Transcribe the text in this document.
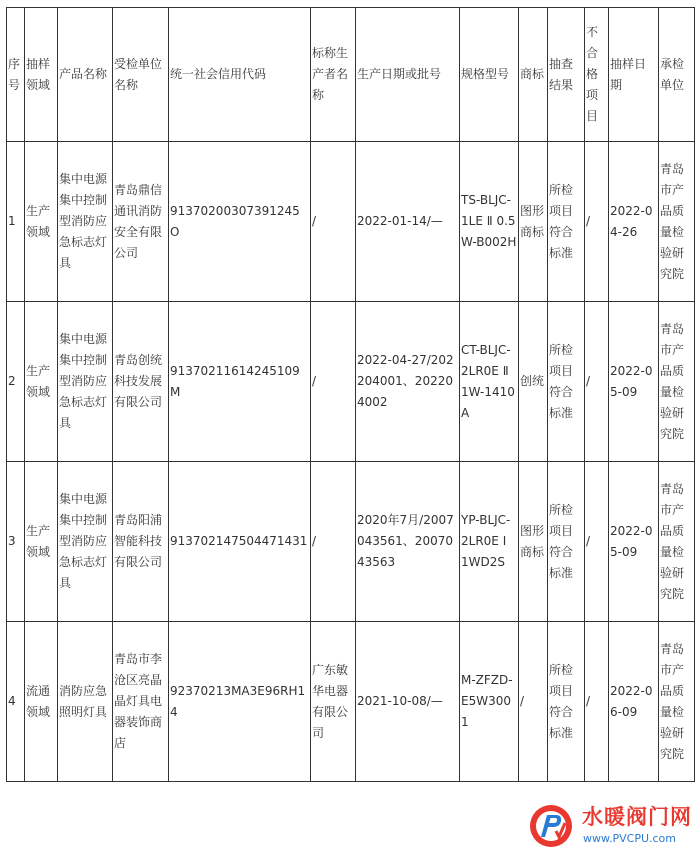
序号	抽样领域	产品名称	受检单位名称	统一社会信用代码	标称生产者名称	生产日期或批号	规格型号	商标	抽查结果	不合格项目	抽样日期	承检单位
1	生产领域	集中电源集中控制型消防应急标志灯具	青岛鼎信通讯消防安全有限公司	91370200307391245O	/	2022-01-14/—	TS-BLJC-1LE Ⅱ 0.5W-B002H	图形商标	所检项目符合标准	/	2022-04-26	青岛市产品质量检验研究院
2	生产领域	集中电源集中控制型消防应急标志灯具	青岛创统科技发展有限公司	91370211614245109M	/	2022-04-27/202204001、202204002	CT-BLJC-2LR0E Ⅱ 1W-1410A	创统	所检项目符合标准	/	2022-05-09	青岛市产品质量检验研究院
3	生产领域	集中电源集中控制型消防应急标志灯具	青岛阳浦智能科技有限公司	913702147504471431	/	2020年7月/2007043561、2007043563	YP-BLJC-2LR0E Ⅰ 1WD2S	图形商标	所检项目符合标准	/	2022-05-09	青岛市产品质量检验研究院
4	流通领域	消防应急照明灯具	青岛市李沧区亮晶晶灯具电器装饰商店	92370213MA3E96RH14	广东敏华电器有限公司	2021-10-08/—	M-ZFZD-E5W3001	/	所检项目符合标准	/	2022-06-09	青岛市产品质量检验研究院
水暖阀门网
www.PVCPU.com
